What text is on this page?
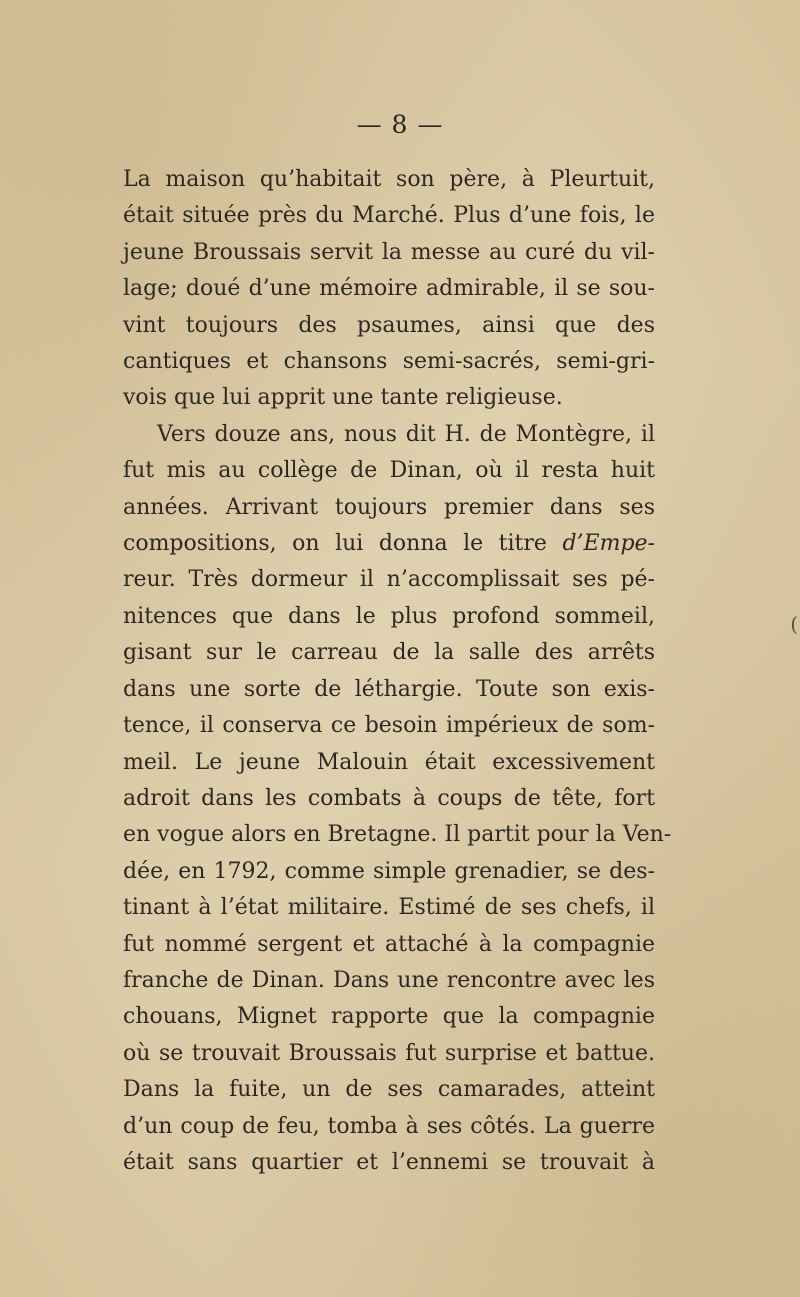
— 8 —
La maison qu’habitait son père, à Pleurtuit,
était située près du Marché. Plus d’une fois, le
jeune Broussais servit la messe au curé du vil-
lage; doué d’une mémoire admirable, il se sou-
vint toujours des psaumes, ainsi que des
cantiques et chansons semi-sacrés, semi-gri-
vois que lui apprit une tante religieuse.
Vers douze ans, nous dit H. de Montègre, il
fut mis au collège de Dinan, où il resta huit
années. Arrivant toujours premier dans ses
compositions, on lui donna le titre d’Empe-
reur. Très dormeur il n’accomplissait ses pé-
nitences que dans le plus profond sommeil,
gisant sur le carreau de la salle des arrêts
dans une sorte de léthargie. Toute son exis-
tence, il conserva ce besoin impérieux de som-
meil. Le jeune Malouin était excessivement
adroit dans les combats à coups de tête, fort
en vogue alors en Bretagne. Il partit pour la Ven-
dée, en 1792, comme simple grenadier, se des-
tinant à l’état militaire. Estimé de ses chefs, il
fut nommé sergent et attaché à la compagnie
franche de Dinan. Dans une rencontre avec les
chouans, Mignet rapporte que la compagnie
où se trouvait Broussais fut surprise et battue.
Dans la fuite, un de ses camarades, atteint
d’un coup de feu, tomba à ses côtés. La guerre
était sans quartier et l’ennemi se trouvait à
(
